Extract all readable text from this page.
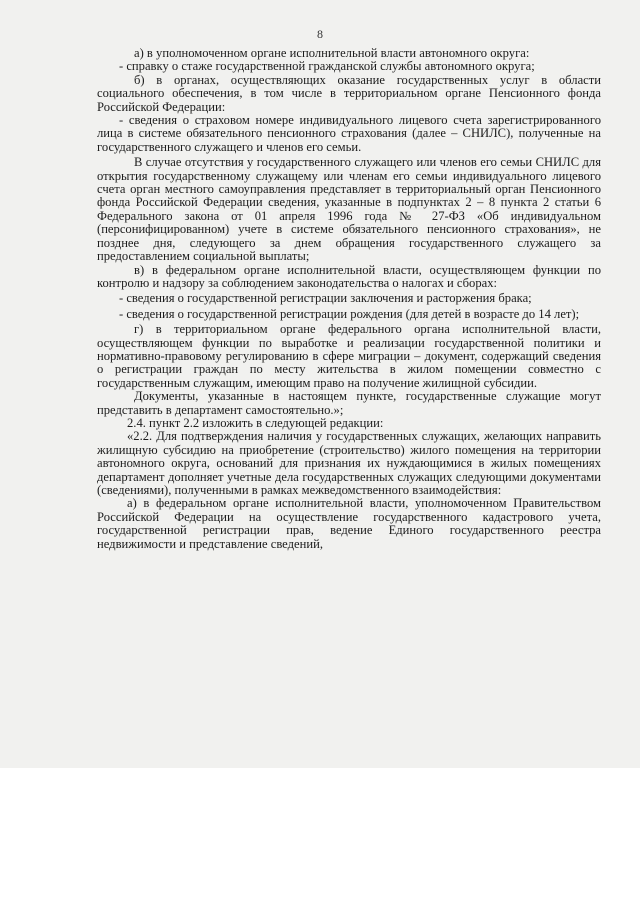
8

а) в уполномоченном органе исполнительной власти автономного округа:

- справку о стаже государственной гражданской службы автономного округа;

б) в органах, осуществляющих оказание государственных услуг в области социального обеспечения, в том числе в территориальном органе Пенсионного фонда Российской Федерации:

- сведения о страховом номере индивидуального лицевого счета зарегистрированного лица в системе обязательного пенсионного страхования (далее – СНИЛС), полученные на государственного служащего и членов его семьи.

В случае отсутствия у государственного служащего или членов его семьи СНИЛС для открытия государственному служащему или членам его семьи индивидуального лицевого счета орган местного самоуправления представляет в территориальный орган Пенсионного фонда Российской Федерации сведения, указанные в подпунктах 2 – 8 пункта 2 статьи 6 Федерального закона от 01 апреля 1996 года № 27-ФЗ «Об индивидуальном (персонифицированном) учете в системе обязательного пенсионного страхования», не позднее дня, следующего за днем обращения государственного служащего за предоставлением социальной выплаты;

в) в федеральном органе исполнительной власти, осуществляющем функции по контролю и надзору за соблюдением законодательства о налогах и сборах:

- сведения о государственной регистрации заключения и расторжения брака;

- сведения о государственной регистрации рождения (для детей в возрасте до 14 лет);

г) в территориальном органе федерального органа исполнительной власти, осуществляющем функции по выработке и реализации государственной политики и нормативно-правовому регулированию в сфере миграции – документ, содержащий сведения о регистрации граждан по месту жительства в жилом помещении совместно с государственным служащим, имеющим право на получение жилищной субсидии.

Документы, указанные в настоящем пункте, государственные служащие могут представить в департамент самостоятельно.»;

2.4. пункт 2.2 изложить в следующей редакции:

«2.2. Для подтверждения наличия у государственных служащих, желающих направить жилищную субсидию на приобретение (строительство) жилого помещения на территории автономного округа, оснований для признания их нуждающимися в жилых помещениях департамент дополняет учетные дела государственных служащих следующими документами (сведениями), полученными в рамках межведомственного взаимодействия:

а) в федеральном органе исполнительной власти, уполномоченном Правительством Российской Федерации на осуществление государственного кадастрового учета, государственной регистрации прав, ведение Единого государственного реестра недвижимости и представление сведений,
